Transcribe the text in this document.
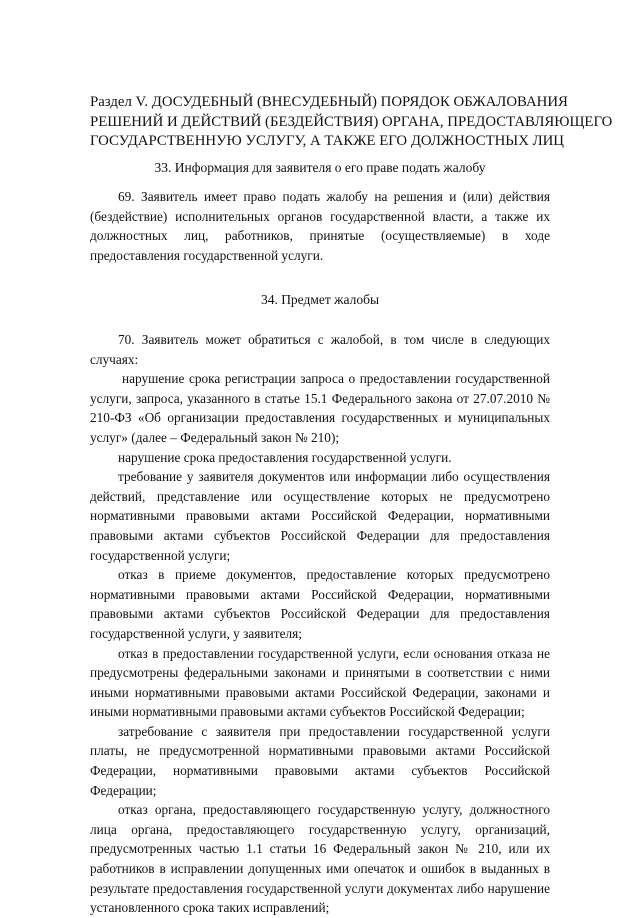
Раздел V. ДОСУДЕБНЫЙ (ВНЕСУДЕБНЫЙ) ПОРЯДОК ОБЖАЛОВАНИЯ
РЕШЕНИЙ И ДЕЙСТВИЙ (БЕЗДЕЙСТВИЯ) ОРГАНА, ПРЕДОСТАВЛЯЮЩЕГО
ГОСУДАРСТВЕННУЮ УСЛУГУ, А ТАКЖЕ ЕГО ДОЛЖНОСТНЫХ ЛИЦ
33. Информация для заявителя о его праве подать жалобу

69. Заявитель имеет право подать жалобу на решения и (или) действия (бездействие) исполнительных органов государственной власти, а также их должностных лиц, работников, принятые (осуществляемые) в ходе предоставления государственной услуги.

34. Предмет жалобы

70. Заявитель может обратиться с жалобой, в том числе в следующих случаях:

нарушение срока регистрации запроса о предоставлении государственной услуги, запроса, указанного в статье 15.1 Федерального закона от 27.07.2010 № 210-ФЗ «Об организации предоставления государственных и муниципальных услуг» (далее – Федеральный закон № 210);

нарушение срока предоставления государственной услуги.

требование у заявителя документов или информации либо осуществления действий, представление или осуществление которых не предусмотрено нормативными правовыми актами Российской Федерации, нормативными правовыми актами субъектов Российской Федерации для предоставления государственной услуги;

отказ в приеме документов, предоставление которых предусмотрено нормативными правовыми актами Российской Федерации, нормативными правовыми актами субъектов Российской Федерации для предоставления государственной услуги, у заявителя;

отказ в предоставлении государственной услуги, если основания отказа не предусмотрены федеральными законами и принятыми в соответствии с ними иными нормативными правовыми актами Российской Федерации, законами и иными нормативными правовыми актами субъектов Российской Федерации;

затребование с заявителя при предоставлении государственной услуги платы, не предусмотренной нормативными правовыми актами Российской Федерации, нормативными правовыми актами субъектов Российской Федерации;

отказ органа, предоставляющего государственную услугу, должностного лица органа, предоставляющего государственную услугу, организаций, предусмотренных частью 1.1 статьи 16 Федеральный закон № 210, или их работников в исправлении допущенных ими опечаток и ошибок в выданных в результате предоставления государственной услуги документах либо нарушение установленного срока таких исправлений;
